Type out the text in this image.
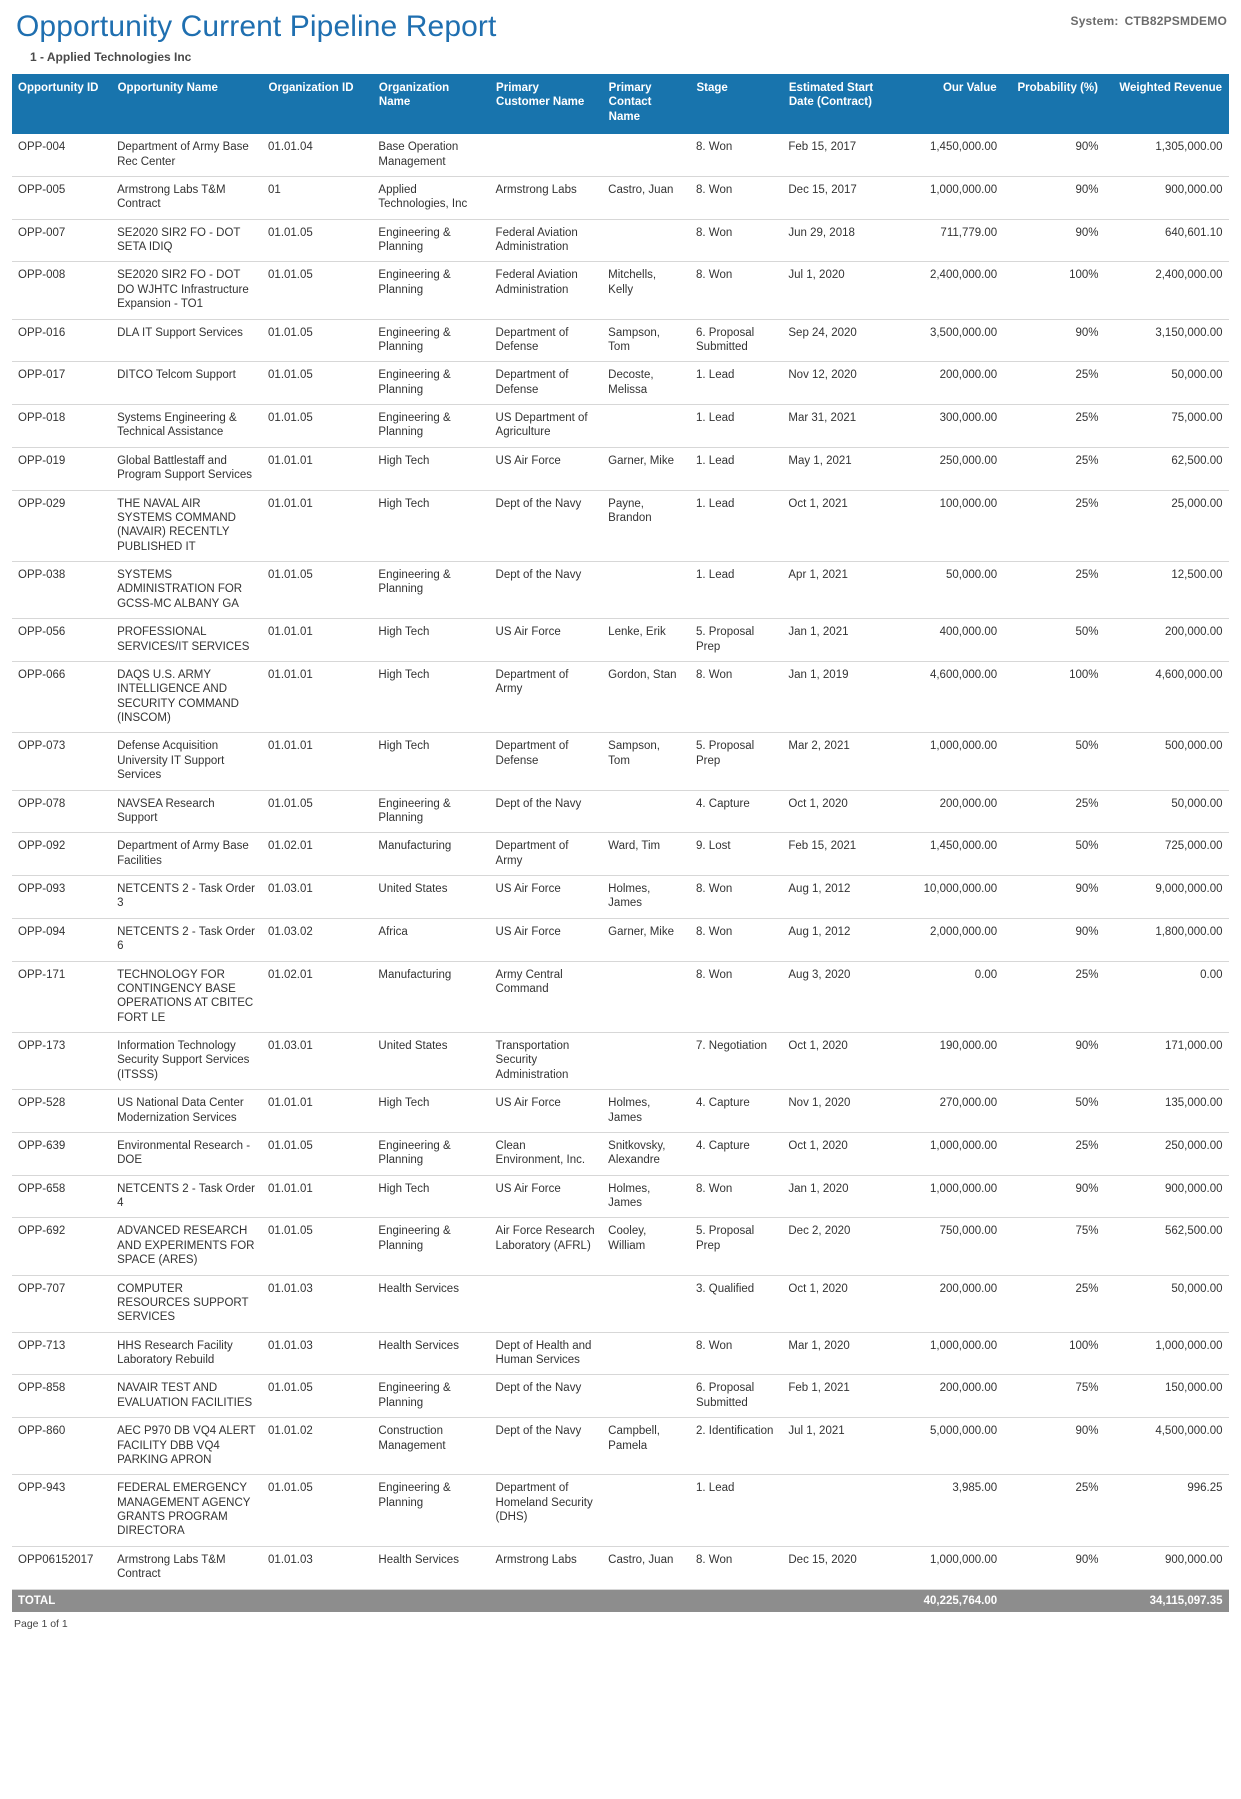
System: CTB82PSMDEMO
Opportunity Current Pipeline Report
1 - Applied Technologies Inc
Opportunity ID	Opportunity Name	Organization ID	Organization Name	Primary Customer Name	Primary Contact Name	Stage	Estimated Start Date (Contract)	Our Value	Probability (%)	Weighted Revenue
OPP-004	Department of Army Base Rec Center	01.01.04	Base Operation Management			8. Won	Feb 15, 2017	1,450,000.00	90%	1,305,000.00
OPP-005	Armstrong Labs T&M Contract	01	Applied Technologies, Inc	Armstrong Labs	Castro, Juan	8. Won	Dec 15, 2017	1,000,000.00	90%	900,000.00
OPP-007	SE2020 SIR2 FO - DOT SETA IDIQ	01.01.05	Engineering & Planning	Federal Aviation Administration		8. Won	Jun 29, 2018	711,779.00	90%	640,601.10
OPP-008	SE2020 SIR2 FO - DOT DO WJHTC Infrastructure Expansion - TO1	01.01.05	Engineering & Planning	Federal Aviation Administration	Mitchells, Kelly	8. Won	Jul 1, 2020	2,400,000.00	100%	2,400,000.00
OPP-016	DLA IT Support Services	01.01.05	Engineering & Planning	Department of Defense	Sampson, Tom	6. Proposal Submitted	Sep 24, 2020	3,500,000.00	90%	3,150,000.00
OPP-017	DITCO Telcom Support	01.01.05	Engineering & Planning	Department of Defense	Decoste, Melissa	1. Lead	Nov 12, 2020	200,000.00	25%	50,000.00
OPP-018	Systems Engineering & Technical Assistance	01.01.05	Engineering & Planning	US Department of Agriculture		1. Lead	Mar 31, 2021	300,000.00	25%	75,000.00
OPP-019	Global Battlestaff and Program Support Services	01.01.01	High Tech	US Air Force	Garner, Mike	1. Lead	May 1, 2021	250,000.00	25%	62,500.00
OPP-029	THE NAVAL AIR SYSTEMS COMMAND (NAVAIR) RECENTLY PUBLISHED IT	01.01.01	High Tech	Dept of the Navy	Payne, Brandon	1. Lead	Oct 1, 2021	100,000.00	25%	25,000.00
OPP-038	SYSTEMS ADMINISTRATION FOR GCSS-MC ALBANY GA	01.01.05	Engineering & Planning	Dept of the Navy		1. Lead	Apr 1, 2021	50,000.00	25%	12,500.00
OPP-056	PROFESSIONAL SERVICES/IT SERVICES	01.01.01	High Tech	US Air Force	Lenke, Erik	5. Proposal Prep	Jan 1, 2021	400,000.00	50%	200,000.00
OPP-066	DAQS U.S. ARMY INTELLIGENCE AND SECURITY COMMAND (INSCOM)	01.01.01	High Tech	Department of Army	Gordon, Stan	8. Won	Jan 1, 2019	4,600,000.00	100%	4,600,000.00
OPP-073	Defense Acquisition University IT Support Services	01.01.01	High Tech	Department of Defense	Sampson, Tom	5. Proposal Prep	Mar 2, 2021	1,000,000.00	50%	500,000.00
OPP-078	NAVSEA Research Support	01.01.05	Engineering & Planning	Dept of the Navy		4. Capture	Oct 1, 2020	200,000.00	25%	50,000.00
OPP-092	Department of Army Base Facilities	01.02.01	Manufacturing	Department of Army	Ward, Tim	9. Lost	Feb 15, 2021	1,450,000.00	50%	725,000.00
OPP-093	NETCENTS 2 - Task Order 3	01.03.01	United States	US Air Force	Holmes, James	8. Won	Aug 1, 2012	10,000,000.00	90%	9,000,000.00
OPP-094	NETCENTS 2 - Task Order 6	01.03.02	Africa	US Air Force	Garner, Mike	8. Won	Aug 1, 2012	2,000,000.00	90%	1,800,000.00
OPP-171	TECHNOLOGY FOR CONTINGENCY BASE OPERATIONS AT CBITEC FORT LE	01.02.01	Manufacturing	Army Central Command		8. Won	Aug 3, 2020	0.00	25%	0.00
OPP-173	Information Technology Security Support Services (ITSSS)	01.03.01	United States	Transportation Security Administration		7. Negotiation	Oct 1, 2020	190,000.00	90%	171,000.00
OPP-528	US National Data Center Modernization Services	01.01.01	High Tech	US Air Force	Holmes, James	4. Capture	Nov 1, 2020	270,000.00	50%	135,000.00
OPP-639	Environmental Research - DOE	01.01.05	Engineering & Planning	Clean Environment, Inc.	Snitkovsky, Alexandre	4. Capture	Oct 1, 2020	1,000,000.00	25%	250,000.00
OPP-658	NETCENTS 2 - Task Order 4	01.01.01	High Tech	US Air Force	Holmes, James	8. Won	Jan 1, 2020	1,000,000.00	90%	900,000.00
OPP-692	ADVANCED RESEARCH AND EXPERIMENTS FOR SPACE (ARES)	01.01.05	Engineering & Planning	Air Force Research Laboratory (AFRL)	Cooley, William	5. Proposal Prep	Dec 2, 2020	750,000.00	75%	562,500.00
OPP-707	COMPUTER RESOURCES SUPPORT SERVICES	01.01.03	Health Services			3. Qualified	Oct 1, 2020	200,000.00	25%	50,000.00
OPP-713	HHS Research Facility Laboratory Rebuild	01.01.03	Health Services	Dept of Health and Human Services		8. Won	Mar 1, 2020	1,000,000.00	100%	1,000,000.00
OPP-858	NAVAIR TEST AND EVALUATION FACILITIES	01.01.05	Engineering & Planning	Dept of the Navy		6. Proposal Submitted	Feb 1, 2021	200,000.00	75%	150,000.00
OPP-860	AEC P970 DB VQ4 ALERT FACILITY DBB VQ4 PARKING APRON	01.01.02	Construction Management	Dept of the Navy	Campbell, Pamela	2. Identification	Jul 1, 2021	5,000,000.00	90%	4,500,000.00
OPP-943	FEDERAL EMERGENCY MANAGEMENT AGENCY GRANTS PROGRAM DIRECTORA	01.01.05	Engineering & Planning	Department of Homeland Security (DHS)		1. Lead		3,985.00	25%	996.25
OPP06152017	Armstrong Labs T&M Contract	01.01.03	Health Services	Armstrong Labs	Castro, Juan	8. Won	Dec 15, 2020	1,000,000.00	90%	900,000.00
TOTAL								40,225,764.00		34,115,097.35
Page 1 of 1
